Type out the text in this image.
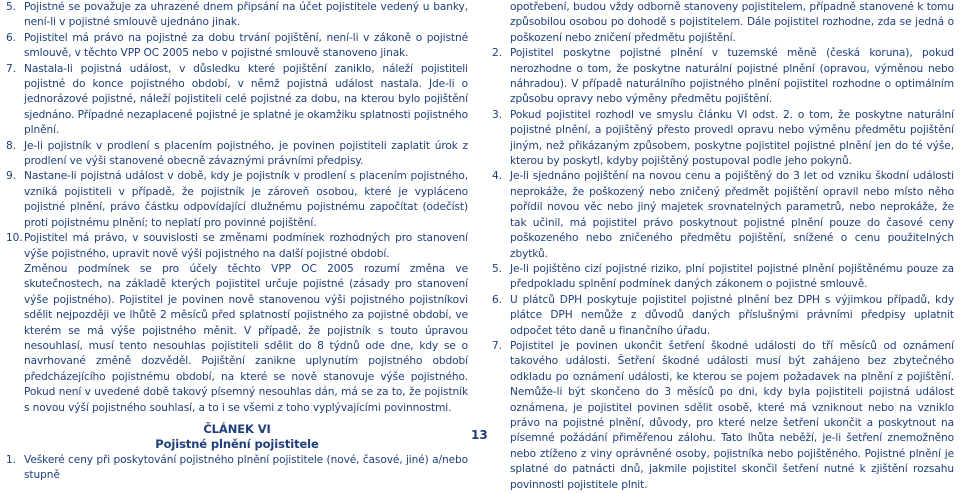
5. Pojistné se považuje za uhrazené dnem připsání na účet pojistitele vedený u banky, není-li v pojistné smlouvě ujednáno jinak.

6. Pojistitel má právo na pojistné za dobu trvání pojištění, není-li v zákoně o pojistné smlouvě, v těchto VPP OC 2005 nebo v pojistné smlouvě stanoveno jinak.

7. Nastala-li pojistná událost, v důsledku které pojištění zaniklo, náleží pojistiteli pojistné do konce pojistného období, v němž pojistná událost nastala. Jde-li o jednorázové pojistné, náleží pojistiteli celé pojistné za dobu, na kterou bylo pojištění sjednáno. Případné nezaplacené pojistné je splatné je okamžiku splatnosti pojistného plnění.

8. Je-li pojistník v prodlení s placením pojistného, je povinen pojistiteli zaplatit úrok z prodlení ve výši stanovené obecně závaznými právními předpisy.

9. Nastane-li pojistná událost v době, kdy je pojistník v prodlení s placením pojistného, vzniká pojistiteli v případě, že pojistník je zároveň osobou, které je vypláceno pojistné plnění, právo částku odpovídající dlužnému pojistnému započítat (odečíst) proti pojistnému plnění; to neplatí pro povinné pojištění.

10. Pojistitel má právo, v souvislosti se změnami podmínek rozhodných pro stanovení výše pojistného, upravit nově výši pojistného na další pojistné období.

Změnou podmínek se pro účely těchto VPP OC 2005 rozumí změna ve skutečnostech, na základě kterých pojistitel určuje pojistné (zásady pro stanovení výše pojistného). Pojistitel je povinen nově stanovenou výši pojistného pojistníkovi sdělit nejpozději ve lhůtě 2 měsíců před splatností pojistného za pojistné období, ve kterém se má výše pojistného měnit. V případě, že pojistník s touto úpravou nesouhlasí, musí tento nesouhlas pojistiteli sdělit do 8 týdnů ode dne, kdy se o navrhované změně dozvěděl. Pojištění zanikne uplynutím pojistného období předcházejícího pojistnému období, na které se nově stanovuje výše pojistného. Pokud není v uvedené době takový písemný nesouhlas dán, má se za to, že pojistník s novou výší pojistného souhlasí, a to i se všemi z toho vyplývajícími povinnostmi.

ČLÁNEK VI
Pojistné plnění pojistitele

1. Veškeré ceny při poskytování pojistného plnění pojistitele (nové, časové, jiné) a/nebo stupně

13

opotřebení, budou vždy odborně stanoveny pojistitelem, případně stanovené k tomu způsobilou osobou po dohodě s pojistitelem. Dále pojistitel rozhodne, zda se jedná o poškození nebo zničení předmětu pojištění.

2. Pojistitel poskytne pojistné plnění v tuzemské měně (česká koruna), pokud nerozhodne o tom, že poskytne naturální pojistné plnění (opravou, výměnou nebo náhradou). V případě naturálního pojistného plnění pojistitel rozhodne o optimálním způsobu opravy nebo výměny předmětu pojištění.

3. Pokud pojistitel rozhodl ve smyslu článku VI odst. 2. o tom, že poskytne naturální pojistné plnění, a pojištěný přesto provedl opravu nebo výměnu předmětu pojištění jiným, než přikázaným způsobem, poskytne pojistitel pojistné plnění jen do té výše, kterou by poskytl, kdyby pojištěný postupoval podle jeho pokynů.

4. Je-li sjednáno pojištění na novou cenu a pojištěný do 3 let od vzniku škodní události neprokáže, že poškozený nebo zničený předmět pojištění opravil nebo místo něho pořídil novou věc nebo jiný majetek srovnatelných parametrů, nebo neprokáže, že tak učinil, má pojistitel právo poskytnout pojistné plnění pouze do časové ceny poškozeného nebo zničeného předmětu pojištění, snížené o cenu použitelných zbytků.

5. Je-li pojištěno cizí pojistné riziko, plní pojistitel pojistné plnění pojištěnému pouze za předpokladu splnění podmínek daných zákonem o pojistné smlouvě.

6. U plátců DPH poskytuje pojistitel pojistné plnění bez DPH s výjimkou případů, kdy plátce DPH nemůže z důvodů daných příslušnými právními předpisy uplatnit odpočet této daně u finančního úřadu.

7. Pojistitel je povinen ukončit šetření škodné události do tří měsíců od oznámení takového události. Šetření škodné události musí být zahájeno bez zbytečného odkladu po oznámení události, ke kterou se pojem požadavek na plnění z pojištění. Nemůže-li být skončeno do 3 měsíců po dni, kdy byla pojistiteli pojistná událost oznámena, je pojistitel povinen sdělit osobě, které má vzniknout nebo na vzniklo právo na pojistné plnění, důvody, pro které nelze šetření ukončit a poskytnout na písemné požádání přiměřenou zálohu. Tato lhůta neběží, je-li šetření znemožněno nebo ztíženo z viny oprávněné osoby, pojistníka nebo pojištěného. Pojistné plnění je splatné do patnácti dnů, jakmile pojistitel skončil šetření nutné k zjištění rozsahu povinnosti pojistitele plnit.
